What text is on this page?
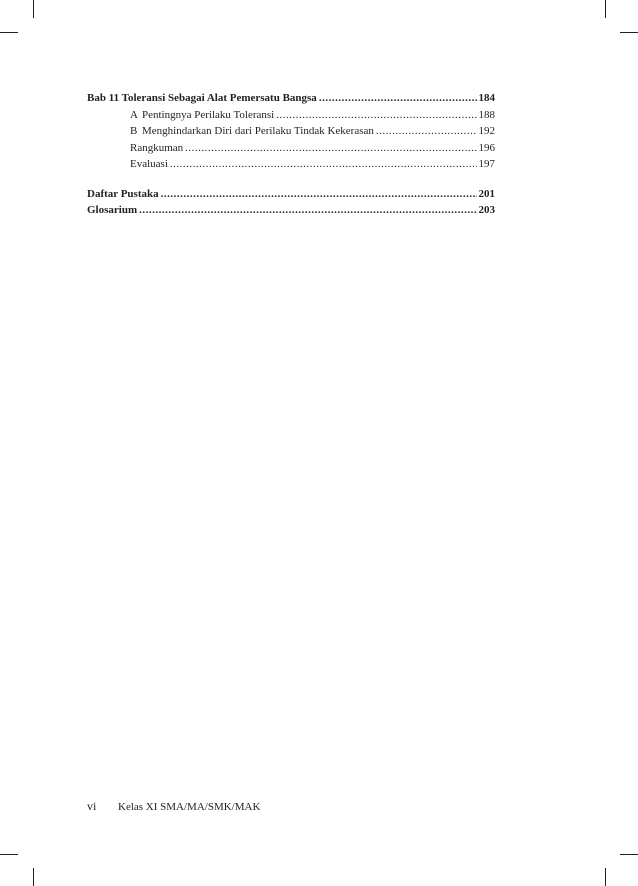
Bab 11 Toleransi Sebagai Alat Pemersatu Bangsa .....	184
A Pentingnya Perilaku Toleransi .....	188
B Menghindarkan Diri dari Perilaku Tindak Kekerasan .....	192
Rangkuman .....	196
Evaluasi .....	197
Daftar Pustaka .....	201
Glosarium .....	203
vi Kelas XI SMA/MA/SMK/MAK
